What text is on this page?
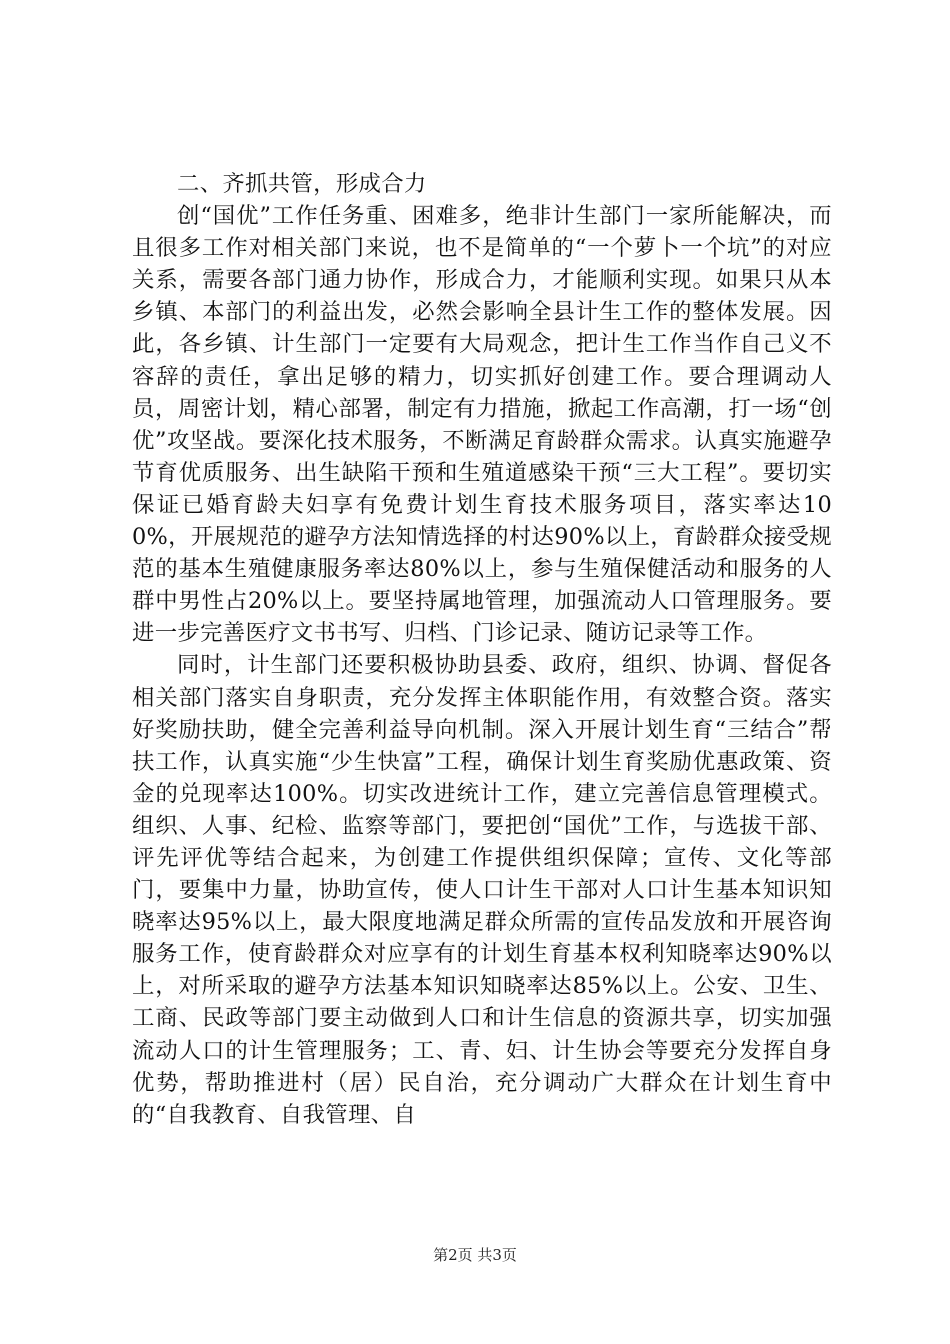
二、齐抓共管，形成合力

创“国优”工作任务重、困难多，绝非计生部门一家所能解决，而且很多工作对相关部门来说，也不是简单的“一个萝卜一个坑”的对应关系，需要各部门通力协作，形成合力，才能顺利实现。如果只从本乡镇、本部门的利益出发，必然会影响全县计生工作的整体发展。因此，各乡镇、计生部门一定要有大局观念，把计生工作当作自己义不容辞的责任，拿出足够的精力，切实抓好创建工作。要合理调动人员，周密计划，精心部署，制定有力措施，掀起工作高潮，打一场“创优”攻坚战。要深化技术服务，不断满足育龄群众需求。认真实施避孕节育优质服务、出生缺陷干预和生殖道感染干预“三大工程”。要切实保证已婚育龄夫妇享有免费计划生育技术服务项目，落实率达100%，开展规范的避孕方法知情选择的村达90%以上，育龄群众接受规范的基本生殖健康服务率达80%以上，参与生殖保健活动和服务的人群中男性占20%以上。要坚持属地管理，加强流动人口管理服务。要进一步完善医疗文书书写、归档、门诊记录、随访记录等工作。

同时，计生部门还要积极协助县委、政府，组织、协调、督促各相关部门落实自身职责，充分发挥主体职能作用，有效整合资。落实好奖励扶助，健全完善利益导向机制。深入开展计划生育“三结合”帮扶工作，认真实施“少生快富”工程，确保计划生育奖励优惠政策、资金的兑现率达100%。切实改进统计工作，建立完善信息管理模式。组织、人事、纪检、监察等部门，要把创“国优”工作，与选拔干部、评先评优等结合起来，为创建工作提供组织保障；宣传、文化等部门，要集中力量，协助宣传，使人口计生干部对人口计生基本知识知晓率达95%以上，最大限度地满足群众所需的宣传品发放和开展咨询服务工作，使育龄群众对应享有的计划生育基本权利知晓率达90%以上，对所采取的避孕方法基本知识知晓率达85%以上。公安、卫生、工商、民政等部门要主动做到人口和计生信息的资源共享，切实加强流动人口的计生管理服务；工、青、妇、计生协会等要充分发挥自身优势，帮助推进村（居）民自治，充分调动广大群众在计划生育中的“自我教育、自我管理、自

第2页 共3页
